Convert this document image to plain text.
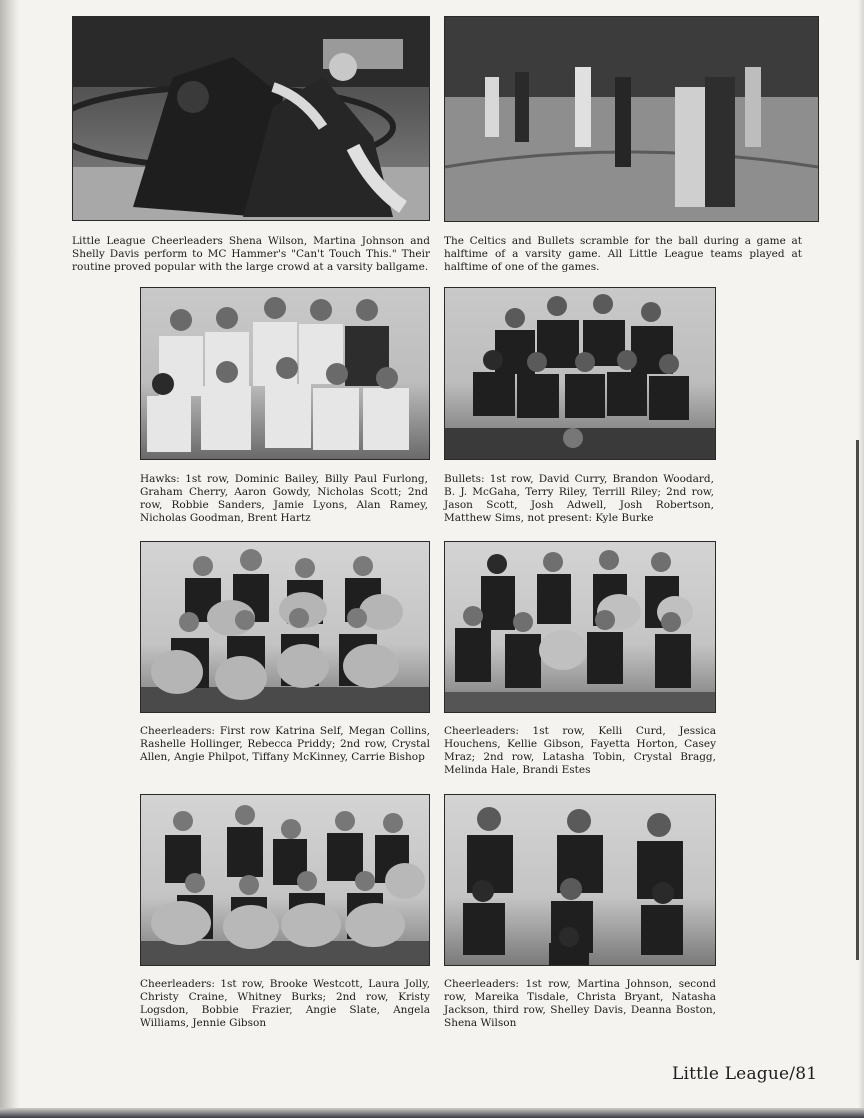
Little League Cheerleaders Shena Wilson, Martina Johnson and Shelly Davis perform to MC Hammer's "Can't Touch This." Their routine proved popular with the large crowd at a varsity ballgame.

The Celtics and Bullets scramble for the ball during a game at halftime of a varsity game. All Little League teams played at halftime of one of the games.

Hawks: 1st row, Dominic Bailey, Billy Paul Furlong, Graham Cherry, Aaron Gowdy, Nicholas Scott; 2nd row, Robbie Sanders, Jamie Lyons, Alan Ramey, Nicholas Goodman, Brent Hartz

Bullets: 1st row, David Curry, Brandon Woodard, B. J. McGaha, Terry Riley, Terrill Riley; 2nd row, Jason Scott, Josh Adwell, Josh Robertson, Matthew Sims, not present: Kyle Burke

Cheerleaders: First row Katrina Self, Megan Collins, Rashelle Hollinger, Rebecca Priddy; 2nd row, Crystal Allen, Angie Philpot, Tiffany McKinney, Carrie Bishop

Cheerleaders: 1st row, Kelli Curd, Jessica Houchens, Kellie Gibson, Fayetta Horton, Casey Mraz; 2nd row, Latasha Tobin, Crystal Bragg, Melinda Hale, Brandi Estes

Cheerleaders: 1st row, Brooke Westcott, Laura Jolly, Christy Craine, Whitney Burks; 2nd row, Kristy Logsdon, Bobbie Frazier, Angie Slate, Angela Williams, Jennie Gibson

Cheerleaders: 1st row, Martina Johnson, second row, Mareika Tisdale, Christa Bryant, Natasha Jackson, third row, Shelley Davis, Deanna Boston, Shena Wilson

Little League/81
